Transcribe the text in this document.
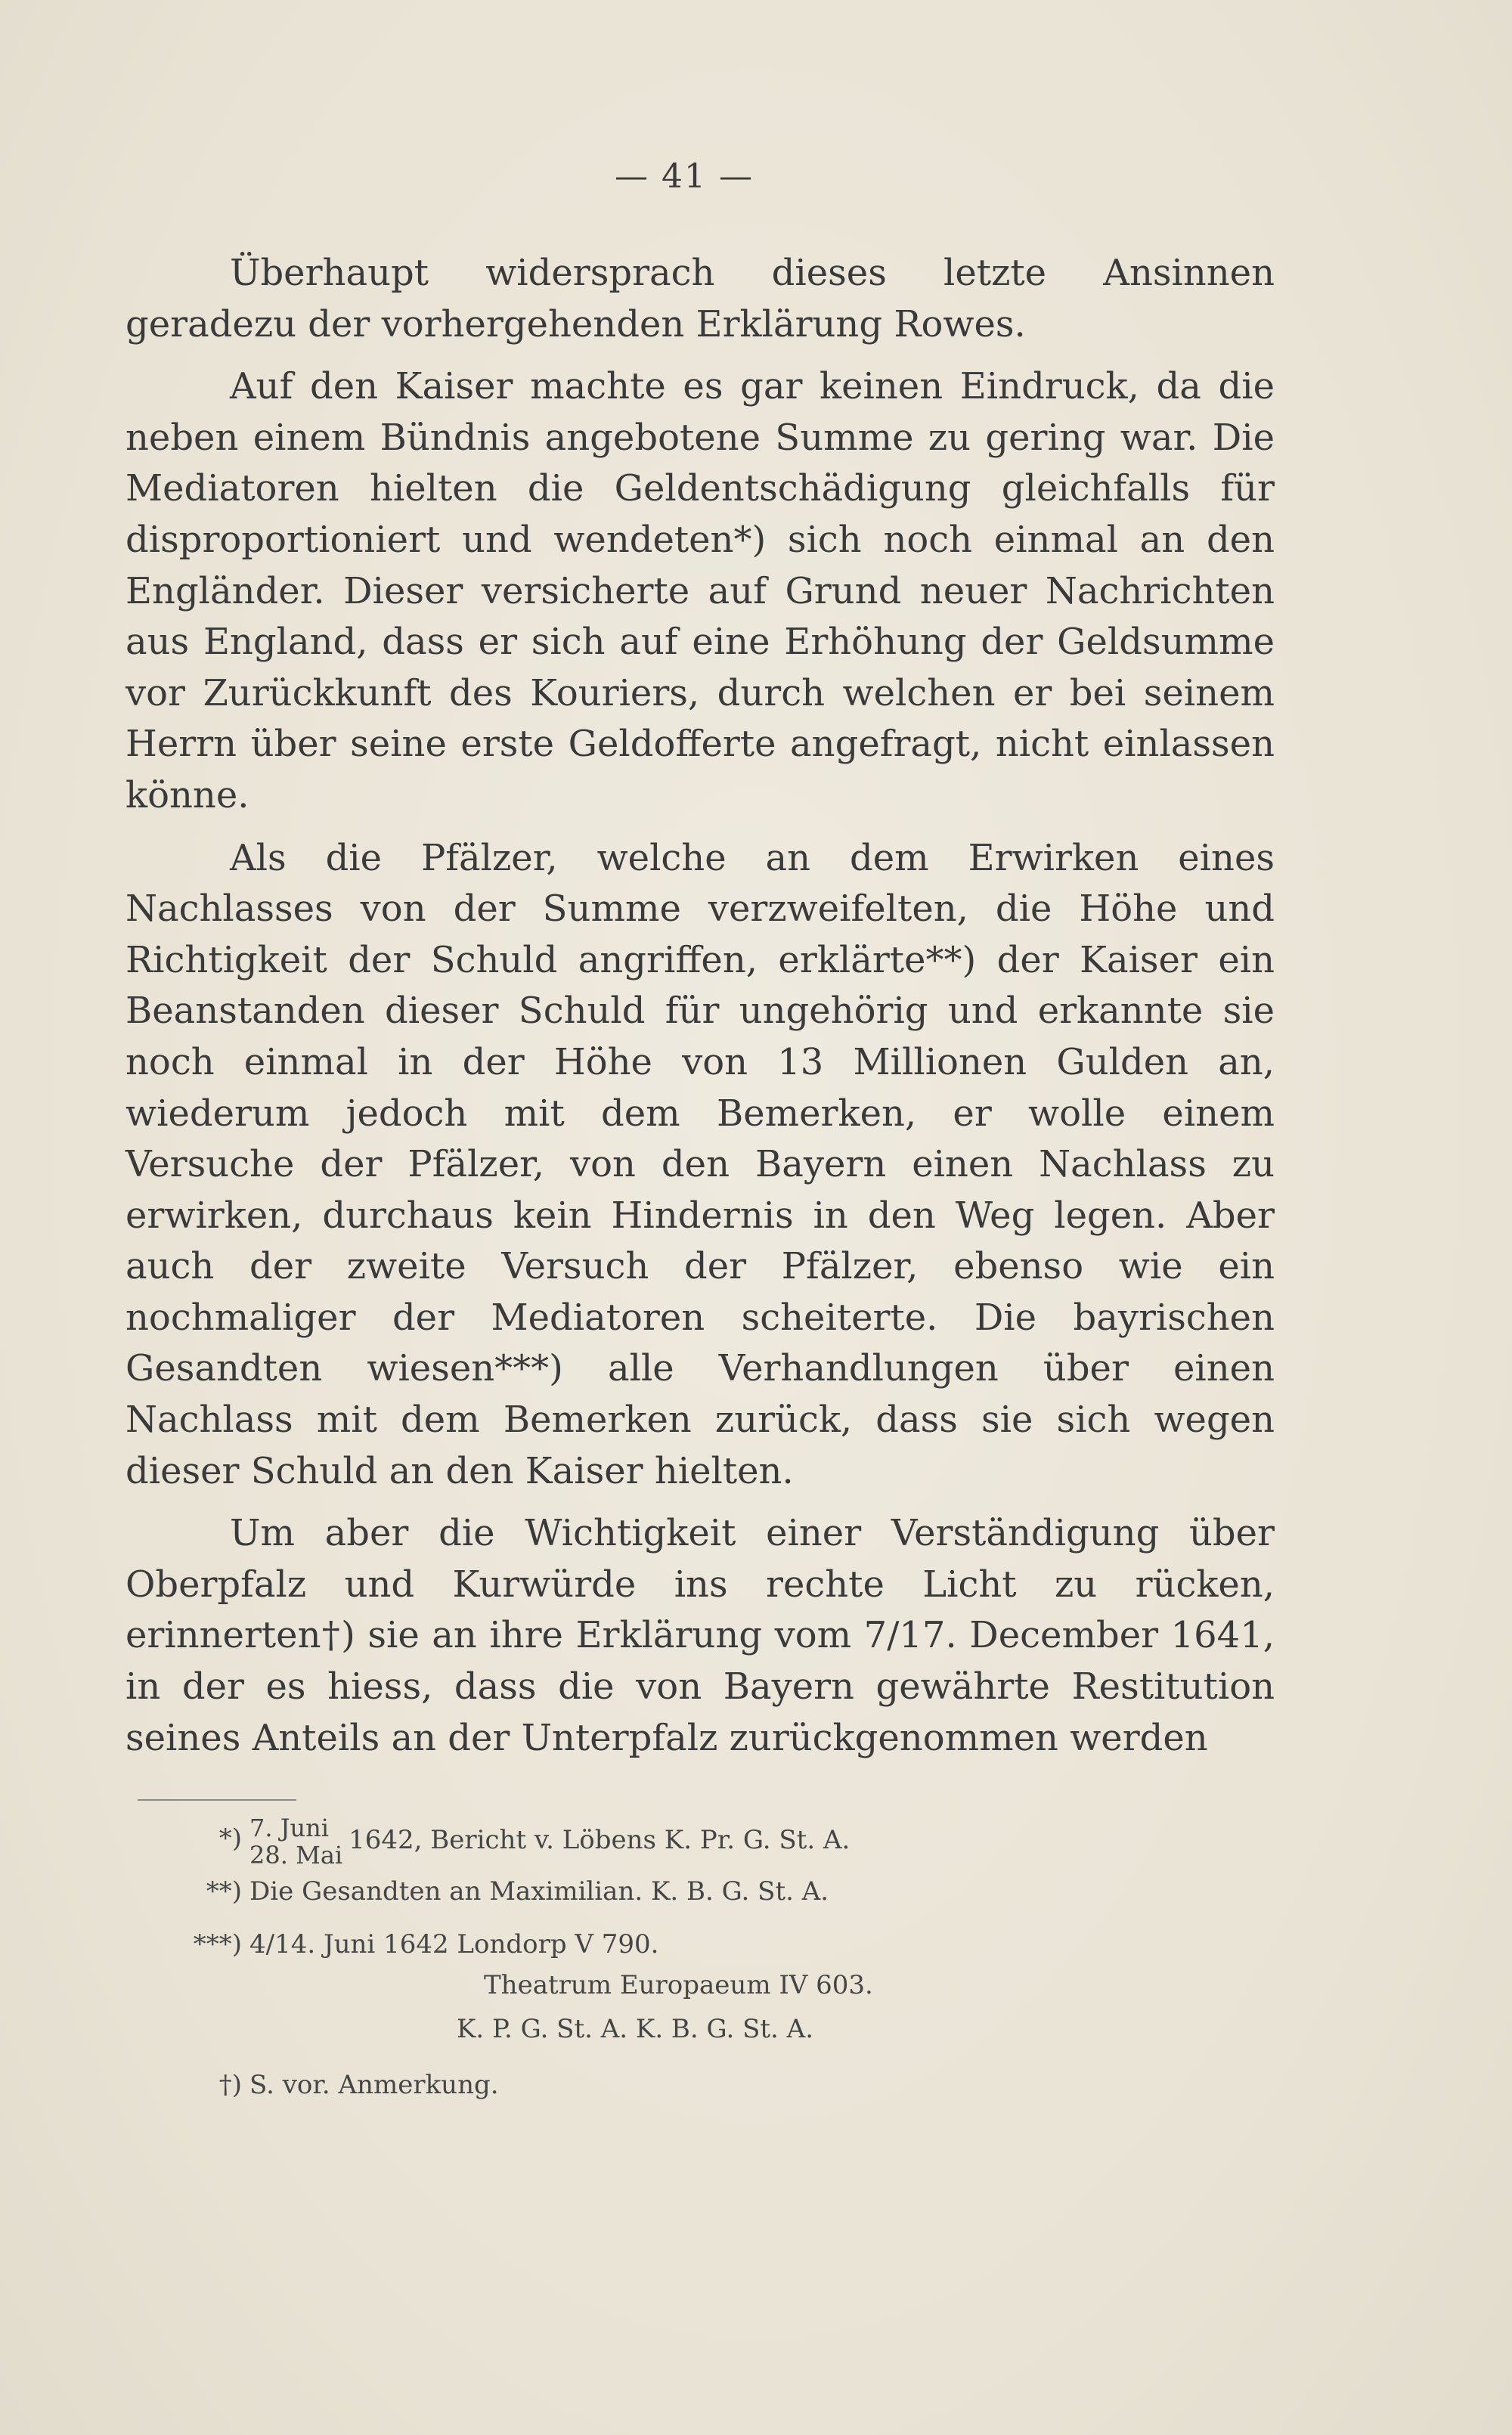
— 41 —

Überhaupt widersprach dieses letzte Ansinnen geradezu der vorhergehenden Erklärung Rowes.

Auf den Kaiser machte es gar keinen Eindruck, da die neben einem Bündnis angebotene Summe zu gering war. Die Mediatoren hielten die Geldentschädigung gleichfalls für disproportioniert und wendeten*) sich noch einmal an den Engländer. Dieser versicherte auf Grund neuer Nachrichten aus England, dass er sich auf eine Erhöhung der Geldsumme vor Zurückkunft des Kouriers, durch welchen er bei seinem Herrn über seine erste Geldofferte angefragt, nicht einlassen könne.

Als die Pfälzer, welche an dem Erwirken eines Nachlasses von der Summe verzweifelten, die Höhe und Richtigkeit der Schuld angriffen, erklärte**) der Kaiser ein Beanstanden dieser Schuld für ungehörig und erkannte sie noch einmal in der Höhe von 13 Millionen Gulden an, wiederum jedoch mit dem Bemerken, er wolle einem Versuche der Pfälzer, von den Bayern einen Nachlass zu erwirken, durchaus kein Hindernis in den Weg legen. Aber auch der zweite Versuch der Pfälzer, ebenso wie ein nochmaliger der Mediatoren scheiterte. Die bayrischen Gesandten wiesen***) alle Verhandlungen über einen Nachlass mit dem Bemerken zurück, dass sie sich wegen dieser Schuld an den Kaiser hielten.

Um aber die Wichtigkeit einer Verständigung über Oberpfalz und Kurwürde ins rechte Licht zu rücken, erinnerten†) sie an ihre Erklärung vom 7/17. December 1641, in der es hiess, dass die von Bayern gewährte Restitution seines Anteils an der Unterpfalz zurückgenommen werden

*) 7. Juni
28. Mai 1642, Bericht v. Löbens K. Pr. G. St. A.
**) Die Gesandten an Maximilian. K. B. G. St. A.
***) 4/14. Juni 1642 Londorp V 790.
Theatrum Europaeum IV 603.
K. P. G. St. A. K. B. G. St. A.
†) S. vor. Anmerkung.
